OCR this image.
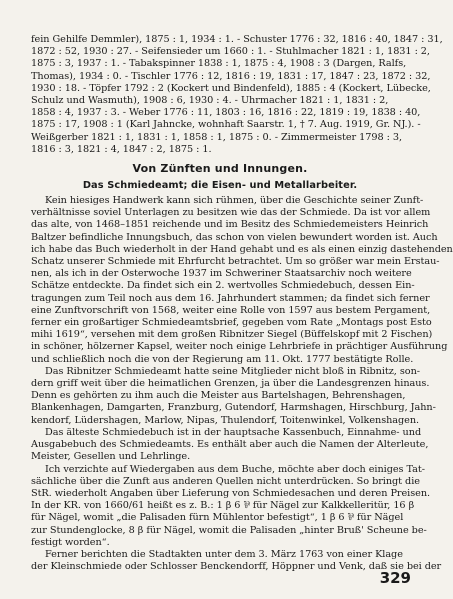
fein Gehilfe Demmler), 1875 : 1, 1934 : 1. - Schuster 1776 : 32, 1816 : 40, 1847 : 31,
1872 : 52, 1930 : 27. - Seifensieder um 1660 : 1. - Stuhlmacher 1821 : 1, 1831 : 2,
1875 : 3, 1937 : 1. - Tabakspinner 1838 : 1, 1875 : 4, 1908 : 3 (Dargen, Ralfs,
Thomas), 1934 : 0. - Tischler 1776 : 12, 1816 : 19, 1831 : 17, 1847 : 23, 1872 : 32,
1930 : 18. - Töpfer 1792 : 2 (Kockert und Bindenfeld), 1885 : 4 (Kockert, Lübecke,
Schulz und Wasmuth), 1908 : 6, 1930 : 4. - Uhrmacher 1821 : 1, 1831 : 2,
1858 : 4, 1937 : 3. - Weber 1776 : 11, 1803 : 16, 1816 : 22, 1819 : 19, 1838 : 40,
1875 : 17, 1908 : 1 (Karl Jahncke, wohnhaft Saarstr. 1, † 7. Aug. 1919, Gr. NJ.). -
Weißgerber 1821 : 1, 1831 : 1, 1858 : 1, 1875 : 0. - Zimmermeister 1798 : 3,
1816 : 3, 1821 : 4, 1847 : 2, 1875 : 1.
Von Zünften und Innungen.
Das Schmiedeamt; die Eisen- und Metallarbeiter.
Kein hiesiges Handwerk kann sich rühmen, über die Geschichte seiner Zunft-
verhältnisse soviel Unterlagen zu besitzen wie das der Schmiede. Da ist vor allem
das alte, von 1468–1851 reichende und im Besitz des Schmiedemeisters Heinrich
Baltzer befindliche Innungsbuch, das schon von vielen bewundert worden ist. Auch
ich habe das Buch wiederholt in der Hand gehabt und es als einen einzig dastehenden
Schatz unserer Schmiede mit Ehrfurcht betrachtet. Um so größer war mein Erstau-
nen, als ich in der Osterwoche 1937 im Schweriner Staatsarchiv noch weitere
Schätze entdeckte. Da findet sich ein 2. wertvolles Schmiedebuch, dessen Ein-
tragungen zum Teil noch aus dem 16. Jahrhundert stammen; da findet sich ferner
eine Zunftvorschrift von 1568, weiter eine Rolle von 1597 aus bestem Pergament,
ferner ein großartiger Schmiedeamtsbrief, gegeben vom Rate „Montags post Esto
mihi 1619“, versehen mit dem großen Ribnitzer Siegel (Büffelskopf mit 2 Fischen)
in schöner, hölzerner Kapsel, weiter noch einige Lehrbriefe in prächtiger Ausführung
und schließlich noch die von der Regierung am 11. Okt. 1777 bestätigte Rolle.
Das Ribnitzer Schmiedeamt hatte seine Mitglieder nicht bloß in Ribnitz, son-
dern griff weit über die heimatlichen Grenzen, ja über die Landesgrenzen hinaus.
Denn es gehörten zu ihm auch die Meister aus Bartelshagen, Behrenshagen,
Blankenhagen, Damgarten, Franzburg, Gutendorf, Harmshagen, Hirschburg, Jahn-
kendorf, Lüdershagen, Marlow, Nipas, Thulendorf, Toitenwinkel, Volkenshagen.
Das älteste Schmiedebuch ist in der hauptsache Kassenbuch, Einnahme- und
Ausgabebuch des Schmiedeamts. Es enthält aber auch die Namen der Alterleute,
Meister, Gesellen und Lehrlinge.
Ich verzichte auf Wiedergaben aus dem Buche, möchte aber doch einiges Tat-
sächliche über die Zunft aus anderen Quellen nicht unterdrücken. So bringt die
StR. wiederholt Angaben über Lieferung von Schmiedesachen und deren Preisen.
In der KR. von 1660/61 heißt es z. B.: 1 β 6 ⅌ für Nägel zur Kalkkelleritür, 16 β
für Nägel, womit „die Palisaden fürn Mühlentor befestigt“, 1 β 6 ⅌ für Nägel
zur Stundenglocke, 8 β für Nägel, womit die Palisaden „hinter Bruß' Scheune be-
festigt worden“.
Ferner berichten die Stadtakten unter dem 3. März 1763 von einer Klage
der Kleinschmiede oder Schlosser Benckendorff, Höppner und Venk, daß sie bei der
329
